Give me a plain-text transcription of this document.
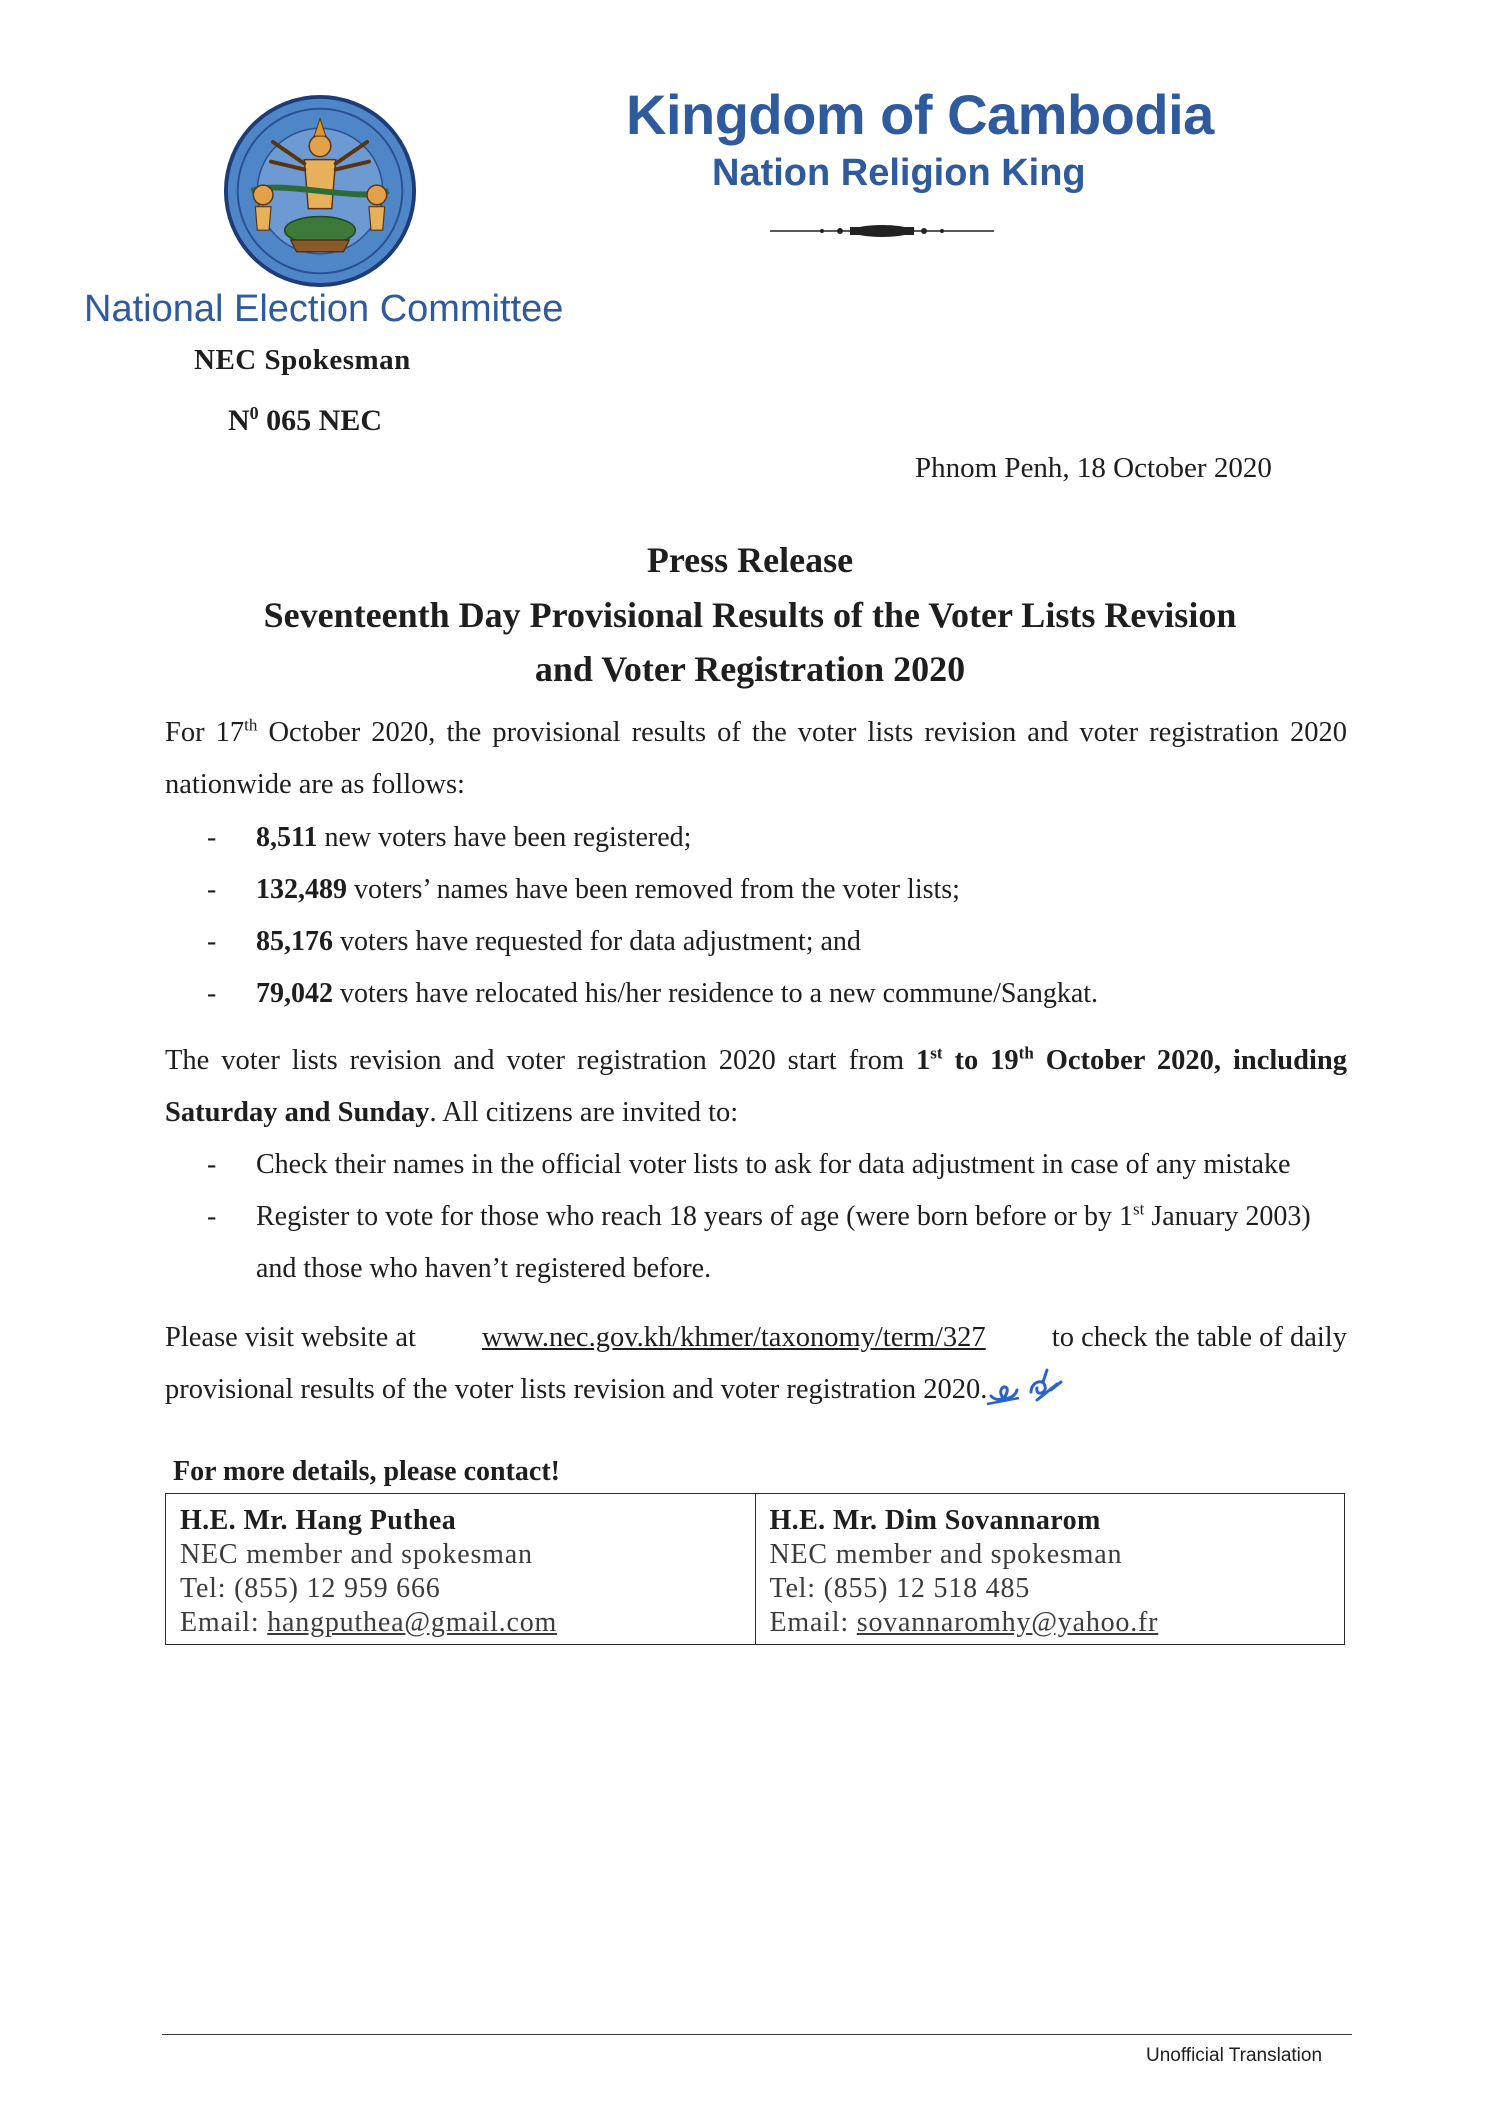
National Election Committee
NEC Spokesman
$N^0$ 065 NEC
Kingdom of Cambodia
Nation Religion King
Phnom Penh, 18 October 2020
Press Release
Seventeenth Day Provisional Results of the Voter Lists Revision
and Voter Registration 2020
For 17th October 2020, the provisional results of the voter lists revision and voter registration 2020
nationwide are as follows:
- 8,511 new voters have been registered;
- 132,489 voters’ names have been removed from the voter lists;
- 85,176 voters have requested for data adjustment; and
- 79,042 voters have relocated his/her residence to a new commune/Sangkat.
The voter lists revision and voter registration 2020 start from 1st to 19th October 2020, including
Saturday and Sunday. All citizens are invited to:
- Check their names in the official voter lists to ask for data adjustment in case of any mistake
- Register to vote for those who reach 18 years of age (were born before or by 1st January 2003)
and those who haven’t registered before.
Please visit website at www.nec.gov.kh/khmer/taxonomy/term/327 to check the table of daily
provisional results of the voter lists revision and voter registration 2020.
For more details, please contact!
H.E. Mr. Hang Puthea
NEC member and spokesman
Tel: (855) 12 959 666
Email: hangputhea@gmail.com

H.E. Mr. Dim Sovannarom
NEC member and spokesman
Tel: (855) 12 518 485
Email: sovannaromhy@yahoo.fr
Unofficial Translation
